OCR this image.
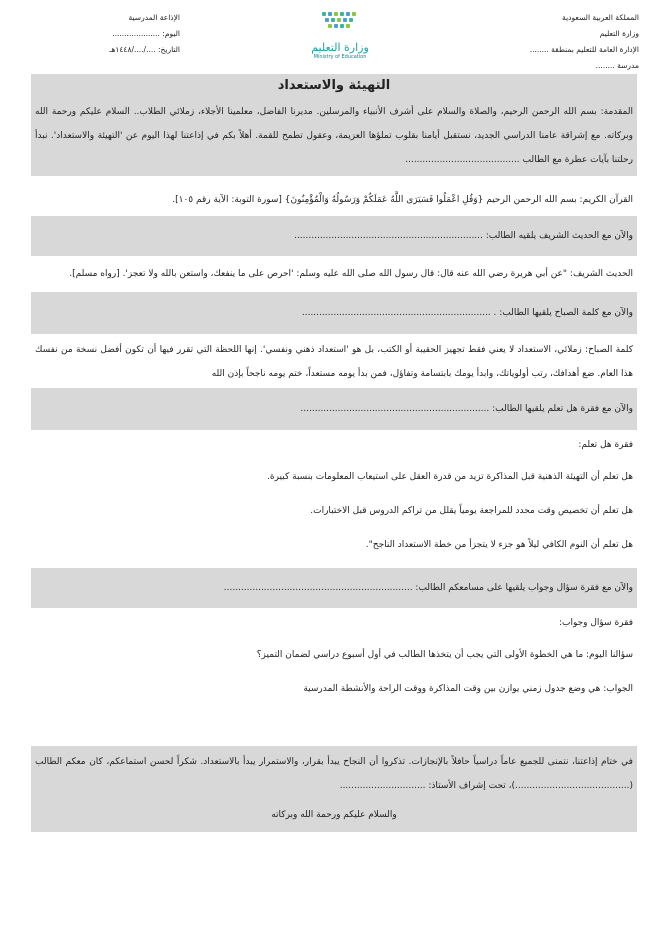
المملكة العربية السعودية
وزارة التعليم
الإدارة العامة للتعليم بمنطقة ........
مدرسة ........
وزارة التعليم
Ministry of Education
الإذاعة المدرسية
اليوم: ....................
التاريخ: ..../..../١٤٤٨هـ
التهيئة والاستعداد
المقدمة: بسم الله الرحمن الرحيم، والصلاة والسلام على أشرف الأنبياء والمرسلين. مديرنا الفاضل، معلمينا الأجلاء، زملائي الطلاب.. السلام عليكم ورحمة الله وبركاته. مع إشراقة عامنا الدراسي الجديد، نستقبل أيامنا بقلوب تملؤها العزيمة، وعقول تطمح للقمة. أهلاً بكم في إذاعتنا لهذا اليوم عن 'التهيئة والاستعداد'. نبدأ رحلتنا بآيات عطرة مع الطالب ........................................
القرآن الكريم: بسم الله الرحمن الرحيم {وَقُلِ اعْمَلُوا فَسَيَرَى اللَّهُ عَمَلَكُمْ وَرَسُولُهُ وَالْمُؤْمِنُونَ} [سورة التوبة: الآية رقم ١٠٥].
والآن مع الحديث الشريف يلقيه الطالب: ..................................................................
الحديث الشريف: "عن أبي هريرة رضي الله عنه قال: قال رسول الله صلى الله عليه وسلم: 'احرص على ما ينفعك، واستعن بالله ولا تعجز'. [رواه مسلم].
والآن مع كلمة الصباح يلقيها الطالب: . ..................................................................
كلمة الصباح: زملائي، الاستعداد لا يعني فقط تجهيز الحقيبة أو الكتب، بل هو 'استعداد ذهني ونفسي'. إنها اللحظة التي تقرر فيها أن تكون أفضل نسخة من نفسك هذا العام. ضع أهدافك، رتب أولوياتك، وابدأ يومك بابتسامة وتفاؤل، فمن بدأ يومه مستعداً، ختم يومه ناجحاً بإذن الله
والآن مع فقرة هل تعلم يلقيها الطالب: ..................................................................
فقرة هل تعلم:
هل تعلم أن التهيئة الذهنية قبل المذاكرة تزيد من قدرة العقل على استيعاب المعلومات بنسبة كبيرة.
هل تعلم أن تخصيص وقت محدد للمراجعة يومياً يقلل من تراكم الدروس قبل الاختبارات.
هل تعلم أن النوم الكافي ليلاً هو جزء لا يتجزأ من خطة الاستعداد الناجح".
والآن مع فقرة سؤال وجواب يلقيها على مسامعكم الطالب: ..................................................................
فقرة سؤال وجواب:
سؤالنا اليوم: ما هي الخطوة الأولى التي يجب أن يتخذها الطالب في أول أسبوع دراسي لضمان التميز؟
الجواب: هي وضع جدول زمني يوازن بين وقت المذاكرة ووقت الراحة والأنشطة المدرسية
في ختام إذاعتنا، نتمنى للجميع عاماً دراسياً حافلاً بالإنجازات. تذكروا أن النجاح يبدأ بقرار، والاستمرار يبدأ بالاستعداد. شكراً لحسن استماعكم، كان معكم الطالب (........................................)، تحت إشراف الأستاذ: ..............................
والسلام عليكم ورحمة الله وبركاته
